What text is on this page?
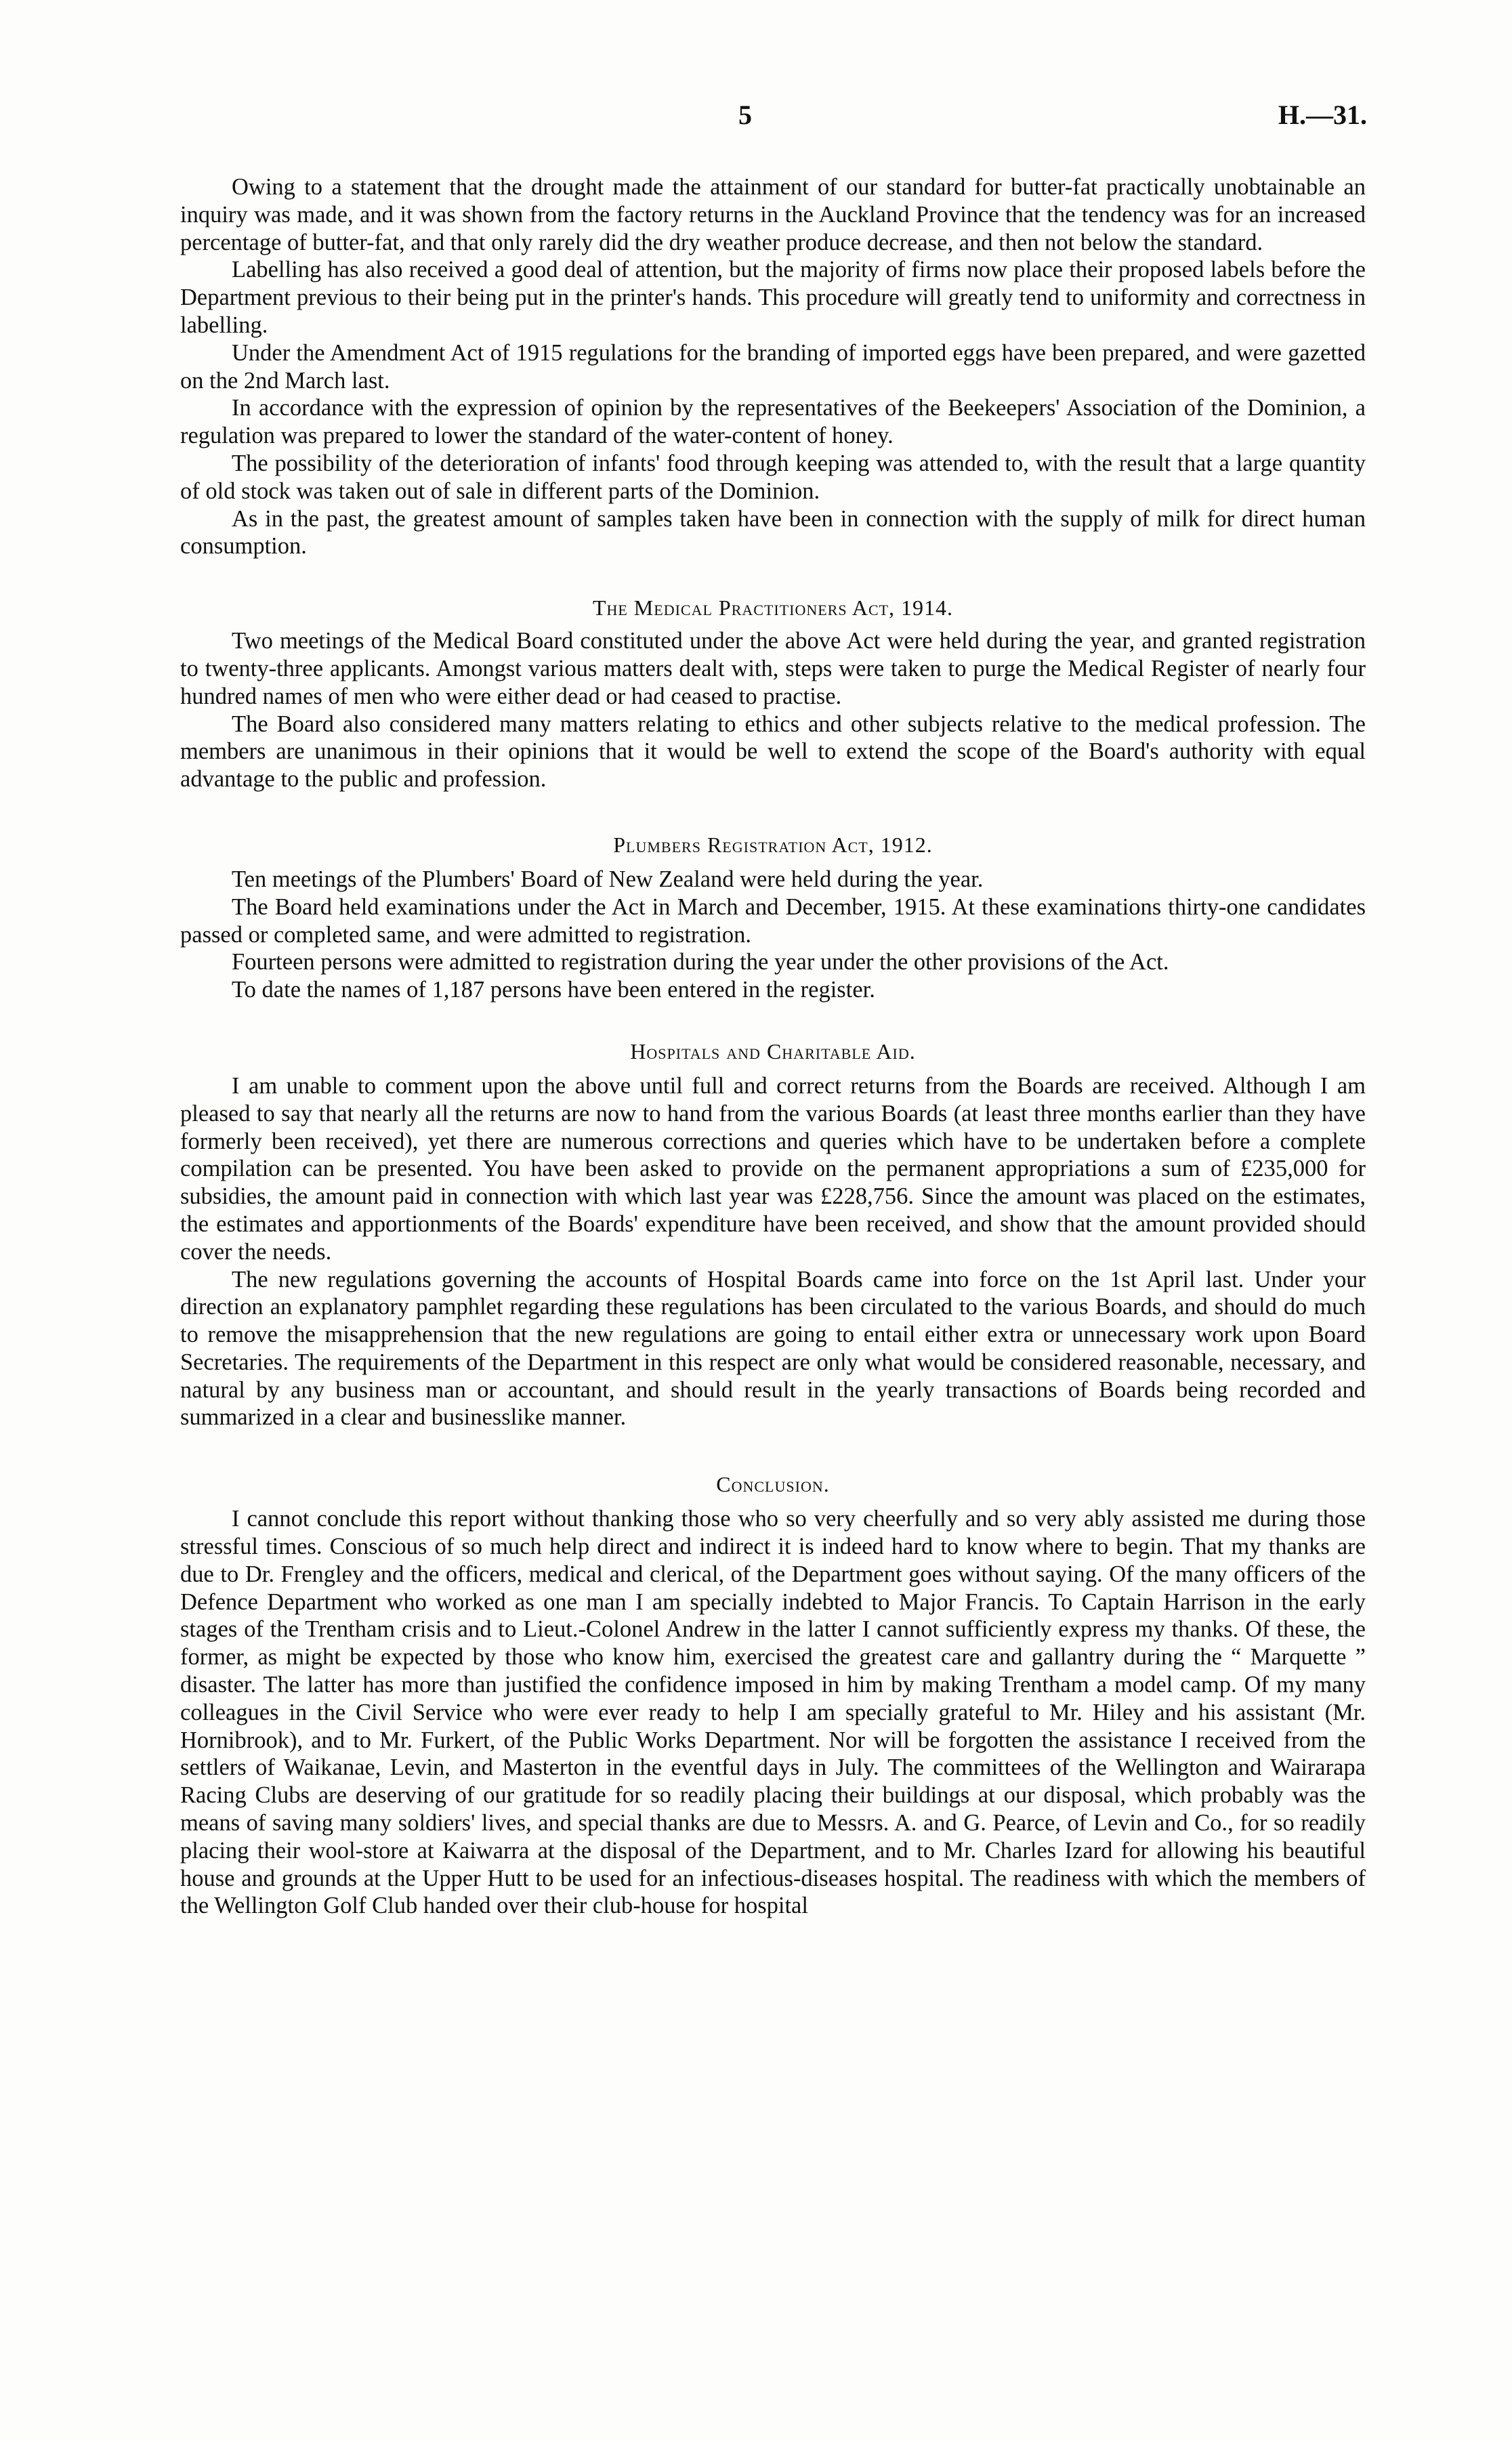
5	H.—31.

Owing to a statement that the drought made the attainment of our standard for butter-fat practically unobtainable an inquiry was made, and it was shown from the factory returns in the Auckland Province that the tendency was for an increased percentage of butter-fat, and that only rarely did the dry weather produce decrease, and then not below the standard.

Labelling has also received a good deal of attention, but the majority of firms now place their proposed labels before the Department previous to their being put in the printer's hands. This procedure will greatly tend to uniformity and correctness in labelling.

Under the Amendment Act of 1915 regulations for the branding of imported eggs have been prepared, and were gazetted on the 2nd March last.

In accordance with the expression of opinion by the representatives of the Beekeepers' Association of the Dominion, a regulation was prepared to lower the standard of the water-content of honey.

The possibility of the deterioration of infants' food through keeping was attended to, with the result that a large quantity of old stock was taken out of sale in different parts of the Dominion.

As in the past, the greatest amount of samples taken have been in connection with the supply of milk for direct human consumption.

The Medical Practitioners Act, 1914.

Two meetings of the Medical Board constituted under the above Act were held during the year, and granted registration to twenty-three applicants. Amongst various matters dealt with, steps were taken to purge the Medical Register of nearly four hundred names of men who were either dead or had ceased to practise.

The Board also considered many matters relating to ethics and other subjects relative to the medical profession. The members are unanimous in their opinions that it would be well to extend the scope of the Board's authority with equal advantage to the public and profession.

Plumbers Registration Act, 1912.

Ten meetings of the Plumbers' Board of New Zealand were held during the year.

The Board held examinations under the Act in March and December, 1915. At these examinations thirty-one candidates passed or completed same, and were admitted to registration.

Fourteen persons were admitted to registration during the year under the other provisions of the Act.

To date the names of 1,187 persons have been entered in the register.

Hospitals and Charitable Aid.

I am unable to comment upon the above until full and correct returns from the Boards are received. Although I am pleased to say that nearly all the returns are now to hand from the various Boards (at least three months earlier than they have formerly been received), yet there are numerous corrections and queries which have to be undertaken before a complete compilation can be presented. You have been asked to provide on the permanent appropriations a sum of £235,000 for subsidies, the amount paid in connection with which last year was £228,756. Since the amount was placed on the estimates, the estimates and apportionments of the Boards' expenditure have been received, and show that the amount provided should cover the needs.

The new regulations governing the accounts of Hospital Boards came into force on the 1st April last. Under your direction an explanatory pamphlet regarding these regulations has been circulated to the various Boards, and should do much to remove the misapprehension that the new regulations are going to entail either extra or unnecessary work upon Board Secretaries. The requirements of the Department in this respect are only what would be considered reasonable, necessary, and natural by any business man or accountant, and should result in the yearly transactions of Boards being recorded and summarized in a clear and businesslike manner.

Conclusion.

I cannot conclude this report without thanking those who so very cheerfully and so very ably assisted me during those stressful times. Conscious of so much help direct and indirect it is indeed hard to know where to begin. That my thanks are due to Dr. Frengley and the officers, medical and clerical, of the Department goes without saying. Of the many officers of the Defence Department who worked as one man I am specially indebted to Major Francis. To Captain Harrison in the early stages of the Trentham crisis and to Lieut.-Colonel Andrew in the latter I cannot sufficiently express my thanks. Of these, the former, as might be expected by those who know him, exercised the greatest care and gallantry during the “ Marquette ” disaster. The latter has more than justified the confidence imposed in him by making Trentham a model camp. Of my many colleagues in the Civil Service who were ever ready to help I am specially grateful to Mr. Hiley and his assistant (Mr. Hornibrook), and to Mr. Furkert, of the Public Works Department. Nor will be forgotten the assistance I received from the settlers of Waikanae, Levin, and Masterton in the eventful days in July. The committees of the Wellington and Wairarapa Racing Clubs are deserving of our gratitude for so readily placing their buildings at our disposal, which probably was the means of saving many soldiers' lives, and special thanks are due to Messrs. A. and G. Pearce, of Levin and Co., for so readily placing their wool-store at Kaiwarra at the disposal of the Department, and to Mr. Charles Izard for allowing his beautiful house and grounds at the Upper Hutt to be used for an infectious-diseases hospital. The readiness with which the members of the Wellington Golf Club handed over their club-house for hospital
